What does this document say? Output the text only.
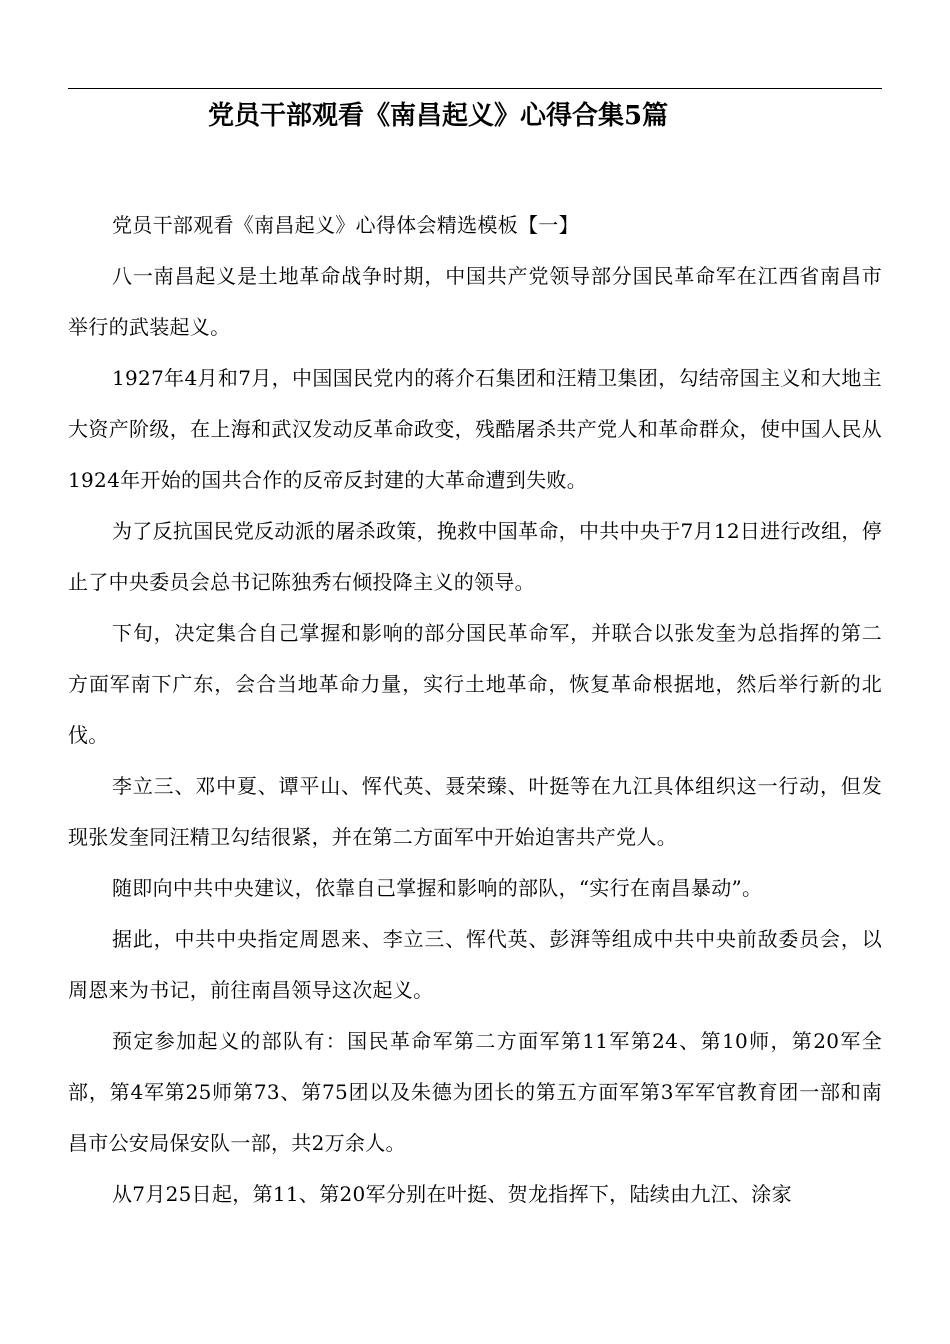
党员干部观看《南昌起义》心得合集5篇

党员干部观看《南昌起义》心得体会精选模板【一】

八一南昌起义是土地革命战争时期，中国共产党领导部分国民革命军在江西省南昌市举行的武装起义。

1927年4月和7月，中国国民党内的蒋介石集团和汪精卫集团，勾结帝国主义和大地主大资产阶级，在上海和武汉发动反革命政变，残酷屠杀共产党人和革命群众，使中国人民从1924年开始的国共合作的反帝反封建的大革命遭到失败。

为了反抗国民党反动派的屠杀政策，挽救中国革命，中共中央于7月12日进行改组，停止了中央委员会总书记陈独秀右倾投降主义的领导。

下旬，决定集合自己掌握和影响的部分国民革命军，并联合以张发奎为总指挥的第二方面军南下广东，会合当地革命力量，实行土地革命，恢复革命根据地，然后举行新的北伐。

李立三、邓中夏、谭平山、恽代英、聂荣臻、叶挺等在九江具体组织这一行动，但发现张发奎同汪精卫勾结很紧，并在第二方面军中开始迫害共产党人。

随即向中共中央建议，依靠自己掌握和影响的部队，“实行在南昌暴动”。

据此，中共中央指定周恩来、李立三、恽代英、彭湃等组成中共中央前敌委员会，以周恩来为书记，前往南昌领导这次起义。

预定参加起义的部队有：国民革命军第二方面军第11军第24、第10师，第20军全部，第4军第25师第73、第75团以及朱德为团长的第五方面军第3军军官教育团一部和南昌市公安局保安队一部，共2万余人。

从7月25日起，第11、第20军分别在叶挺、贺龙指挥下，陆续由九江、涂家
